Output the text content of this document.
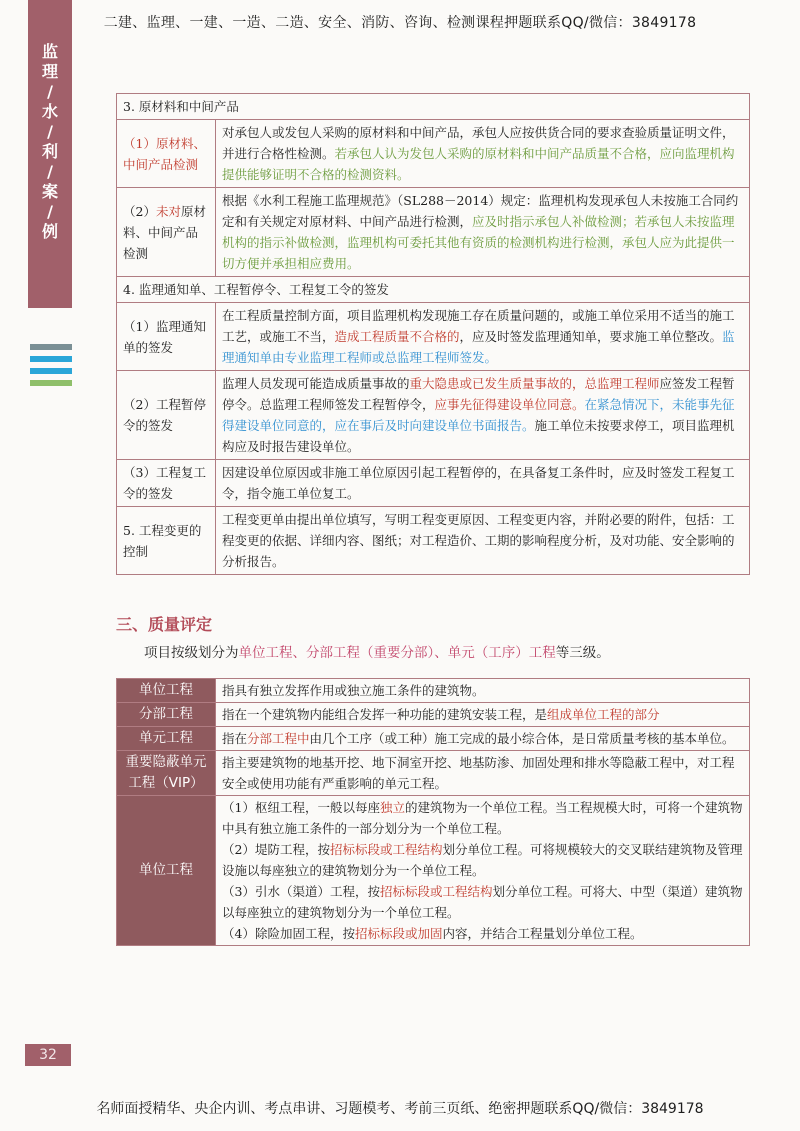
二建、监理、一建、一造、二造、安全、消防、咨询、检测课程押题联系QQ/微信：3849178
监
理
/
水
/
利
/
案
/
例
3. 原材料和中间产品	
（1）原材料、中间产品检测	对承包人或发包人采购的原材料和中间产品，承包人应按供货合同的要求查验质量证明文件，并进行合格性检测。若承包人认为发包人采购的原材料和中间产品质量不合格，应向监理机构提供能够证明不合格的检测资料。
（2）未对原材料、中间产品检测	根据《水利工程施工监理规范》（SL288－2014）规定：监理机构发现承包人未按施工合同约定和有关规定对原材料、中间产品进行检测，应及时指示承包人补做检测；若承包人未按监理机构的指示补做检测，监理机构可委托其他有资质的检测机构进行检测，承包人应为此提供一切方便并承担相应费用。
4. 监理通知单、工程暂停令、工程复工令的签发	
（1）监理通知单的签发	在工程质量控制方面，项目监理机构发现施工存在质量问题的，或施工单位采用不适当的施工工艺，或施工不当，造成工程质量不合格的，应及时签发监理通知单，要求施工单位整改。监理通知单由专业监理工程师或总监理工程师签发。
（2）工程暂停令的签发	监理人员发现可能造成质量事故的重大隐患或已发生质量事故的，总监理工程师应签发工程暂停令。总监理工程师签发工程暂停令，应事先征得建设单位同意。在紧急情况下，未能事先征得建设单位同意的，应在事后及时向建设单位书面报告。施工单位未按要求停工，项目监理机构应及时报告建设单位。
（3）工程复工令的签发	因建设单位原因或非施工单位原因引起工程暂停的，在具备复工条件时，应及时签发工程复工令，指令施工单位复工。
5. 工程变更的控制	工程变更单由提出单位填写，写明工程变更原因、工程变更内容，并附必要的附件，包括：工程变更的依据、详细内容、图纸；对工程造价、工期的影响程度分析，及对功能、安全影响的分析报告。
三、质量评定
项目按级划分为单位工程、分部工程（重要分部）、单元（工序）工程等三级。
单位工程	指具有独立发挥作用或独立施工条件的建筑物。
分部工程	指在一个建筑物内能组合发挥一种功能的建筑安装工程，是组成单位工程的部分
单元工程	指在分部工程中由几个工序（或工种）施工完成的最小综合体，是日常质量考核的基本单位。
重要隐蔽单元工程（VIP）	指主要建筑物的地基开挖、地下洞室开挖、地基防渗、加固处理和排水等隐蔽工程中，对工程安全或使用功能有严重影响的单元工程。
单位工程	（1）枢纽工程，一般以每座独立的建筑物为一个单位工程。当工程规模大时，可将一个建筑物中具有独立施工条件的一部分划分为一个单位工程。
（2）堤防工程，按招标标段或工程结构划分单位工程。可将规模较大的交叉联结建筑物及管理设施以每座独立的建筑物划分为一个单位工程。
（3）引水（渠道）工程，按招标标段或工程结构划分单位工程。可将大、中型（渠道）建筑物以每座独立的建筑物划分为一个单位工程。
（4）除险加固工程，按招标标段或加固内容，并结合工程量划分单位工程。
32
名师面授精华、央企内训、考点串讲、习题模考、考前三页纸、绝密押题联系QQ/微信：3849178
